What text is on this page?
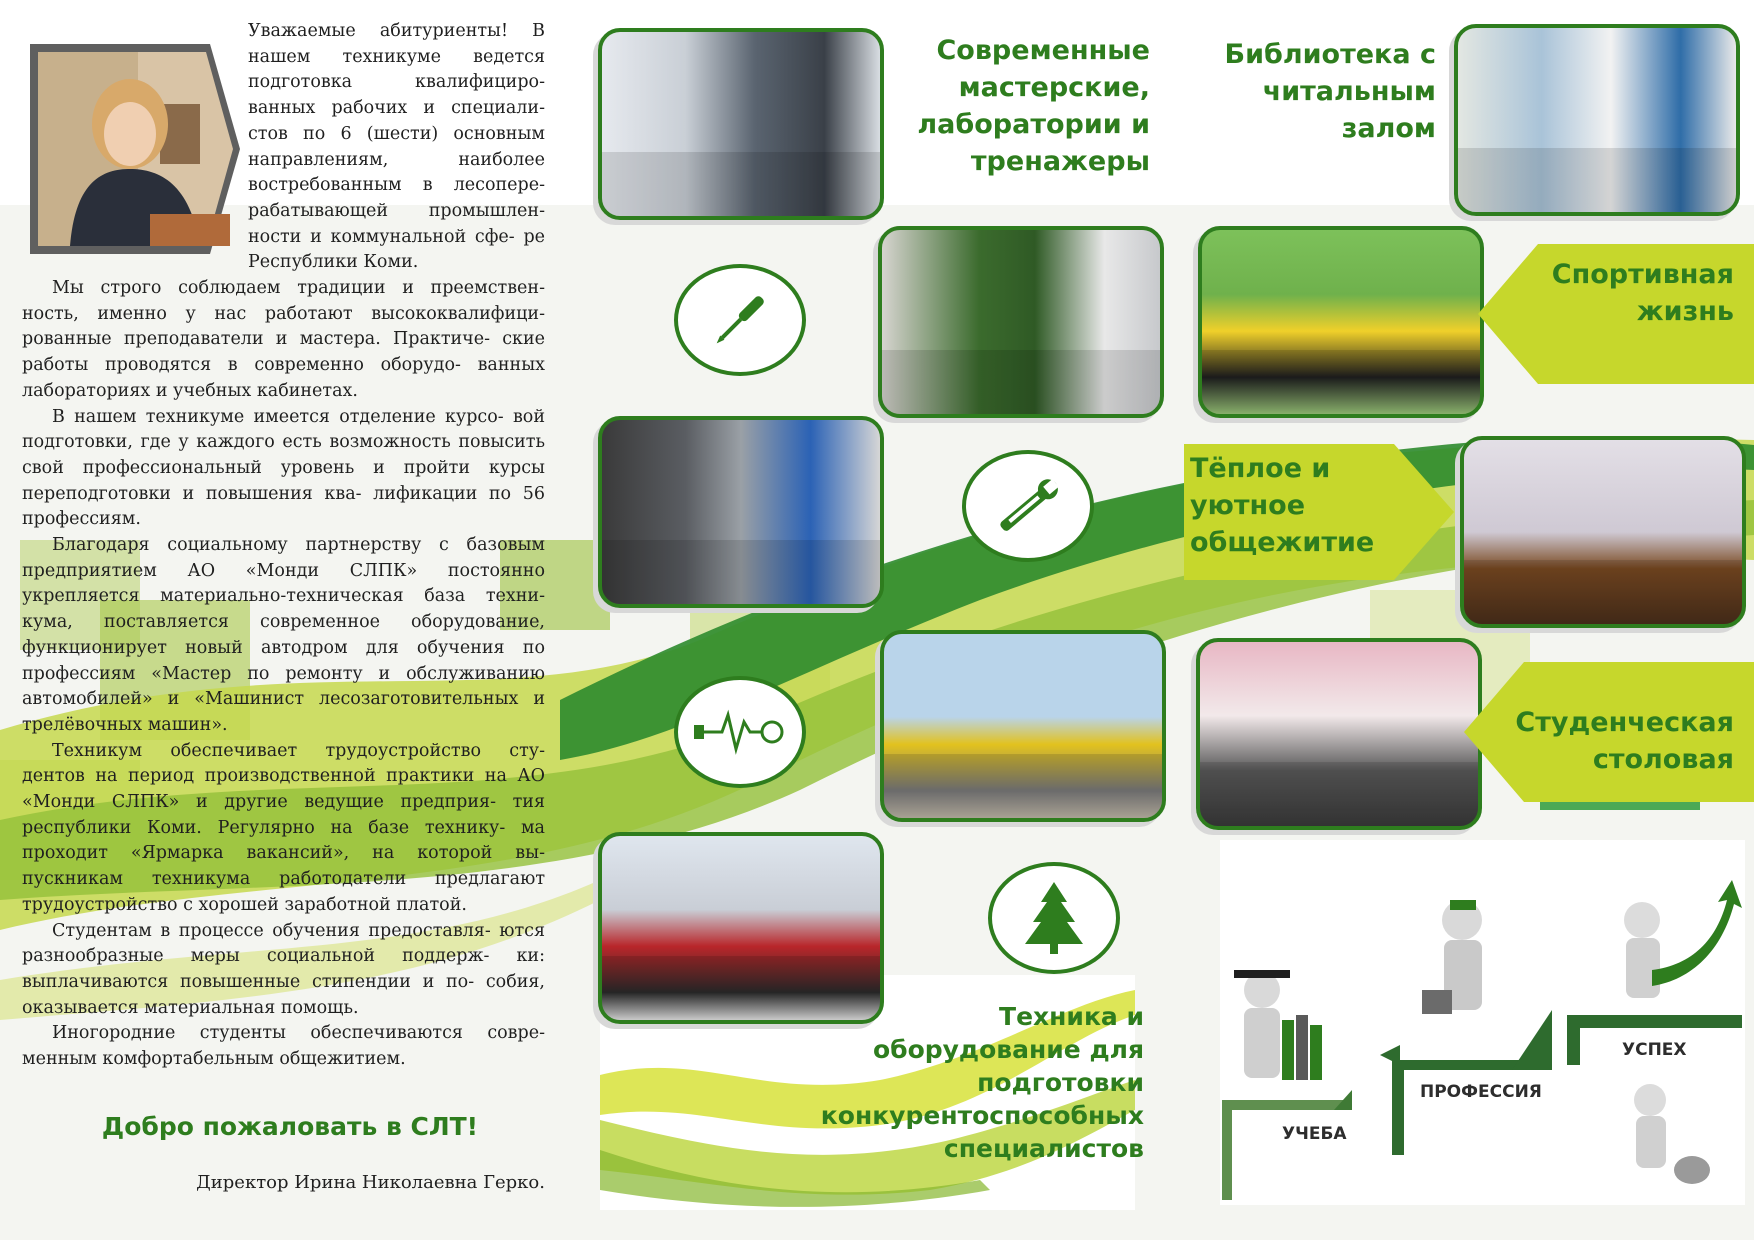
Уважаемые абитуриенты! В нашем техникуме ведется подготовка квалифициро- ванных рабочих и специали- стов по 6 (шести) основным направлениям, наиболее востребованным в лесопере- рабатывающей промышлен- ности и коммунальной сфе- ре Республики Коми.

Мы строго соблюдаем традиции и преемствен- ность, именно у нас работают высококвалифици- рованные преподаватели и мастера. Практиче- ские работы проводятся в современно оборудо- ванных лабораториях и учебных кабинетах.

В нашем техникуме имеется отделение курсо- вой подготовки, где у каждого есть возможность повысить свой профессиональный уровень и пройти курсы переподготовки и повышения ква- лификации по 56 профессиям.

Благодаря социальному партнерству с базовым предприятием АО «Монди СЛПК» постоянно укрепляется материально-техническая база техни- кума, поставляется современное оборудование, функционирует новый автодром для обучения по профессиям «Мастер по ремонту и обслуживанию автомобилей» и «Машинист лесозаготовительных и трелёвочных машин».

Техникум обеспечивает трудоустройство сту- дентов на период производственной практики на АО «Монди СЛПК» и другие ведущие предприя- тия республики Коми. Регулярно на базе технику- ма проходит «Ярмарка вакансий», на которой вы- пускникам техникума работодатели предлагают трудоустройство с хорошей заработной платой.

Студентам в процессе обучения предоставля- ются разнообразные меры социальной поддерж- ки: выплачиваются повышенные стипендии и по- собия, оказывается материальная помощь.

Иногородние студенты обеспечиваются совре- менным комфортабельным общежитием.

Добро пожаловать в СЛТ!
Директор Ирина Николаевна Герко.
Современные мастерские, лаборатории и тренажеры
Техника и оборудование для подготовки конкурентоспособных специалистов
Библиотека с читальным залом
Спортивная жизнь
Тёплое и уютное общежитие
Студенческая столовая
УЧЕБА
ПРОФЕССИЯ
УСПЕХ
